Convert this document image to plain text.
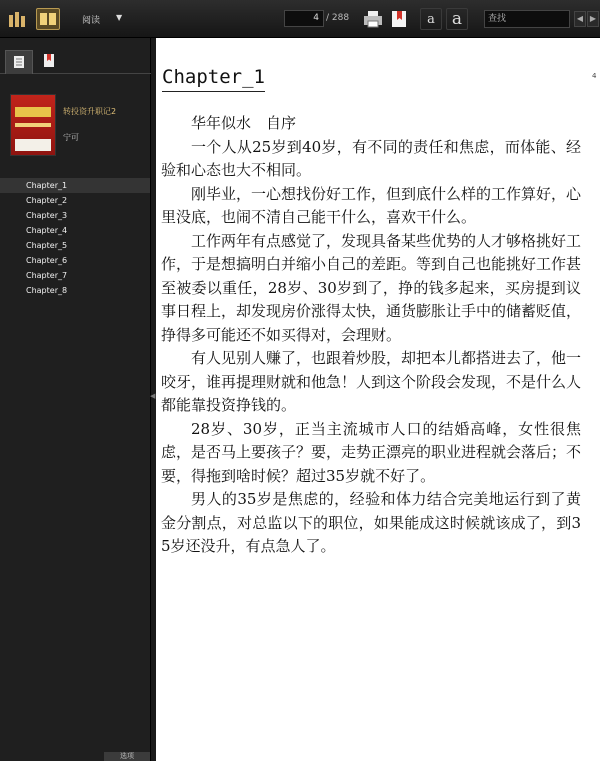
阅读 ▼	4 / 288	a	a	查找	◀ ▶
转投资升职记2
宁可
Chapter_1
Chapter_2
Chapter_3
Chapter_4
Chapter_5
Chapter_6
Chapter_7
Chapter_8
选项
◀
Chapter_1	4

华年似水　自序

一个人从25岁到40岁，有不同的责任和焦虑，而体能、经验和心态也大不相同。

刚毕业，一心想找份好工作，但到底什么样的工作算好，心里没底，也闹不清自己能干什么，喜欢干什么。

工作两年有点感觉了，发现具备某些优势的人才够格挑好工作，于是想搞明白并缩小自己的差距。等到自己也能挑好工作甚至被委以重任，28岁、30岁到了，挣的钱多起来，买房提到议事日程上，却发现房价涨得太快，通货膨胀让手中的储蓄贬值，挣得多可能还不如买得对，会理财。

有人见别人赚了，也跟着炒股，却把本儿都搭进去了，他一咬牙，谁再提理财就和他急！人到这个阶段会发现，不是什么人都能靠投资挣钱的。

28岁、30岁，正当主流城市人口的结婚高峰，女性很焦虑，是否马上要孩子？要，走势正漂亮的职业进程就会落后；不要，得拖到啥时候？超过35岁就不好了。

男人的35岁是焦虑的，经验和体力结合完美地运行到了黄金分割点，对总监以下的职位，如果能成这时候就该成了，到35岁还没升，有点急人了。
